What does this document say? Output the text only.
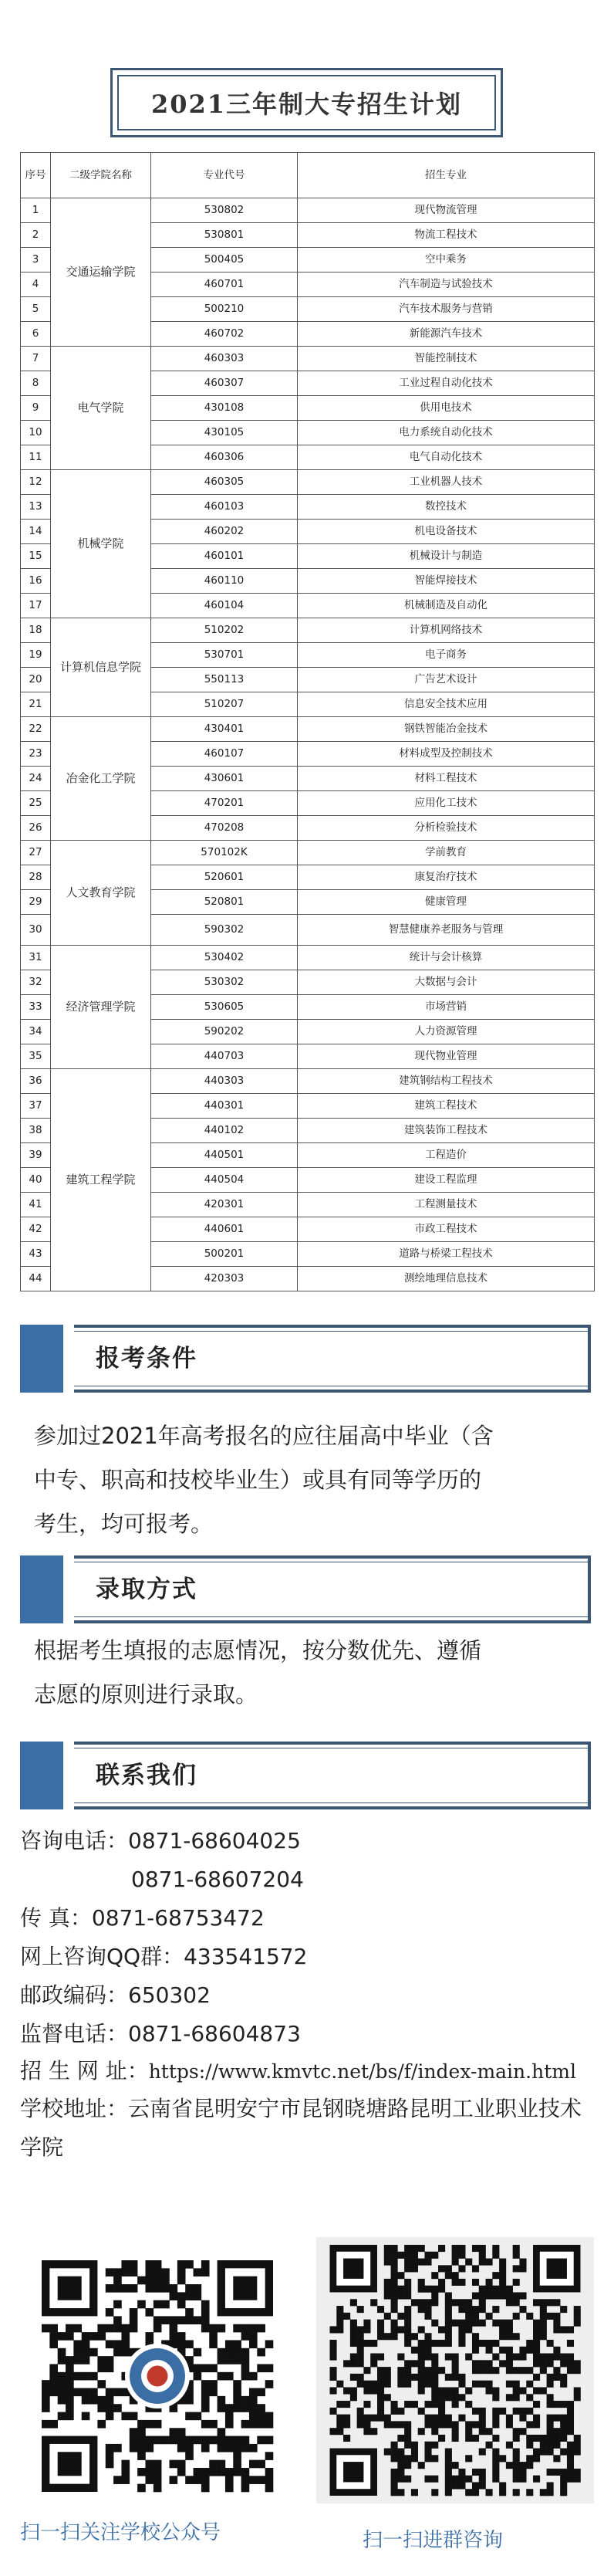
2021三年制大专招生计划
序号	二级学院名称	专业代号	招生专业
1	交通运输学院	530802	现代物流管理
2		530801	物流工程技术
3		500405	空中乘务
4		460701	汽车制造与试验技术
5		500210	汽车技术服务与营销
6		460702	新能源汽车技术
7	电气学院	460303	智能控制技术
8		460307	工业过程自动化技术
9		430108	供用电技术
10		430105	电力系统自动化技术
11		460306	电气自动化技术
12	机械学院	460305	工业机器人技术
13		460103	数控技术
14		460202	机电设备技术
15		460101	机械设计与制造
16		460110	智能焊接技术
17		460104	机械制造及自动化
18	计算机信息学院	510202	计算机网络技术
19		530701	电子商务
20		550113	广告艺术设计
21		510207	信息安全技术应用
22	冶金化工学院	430401	钢铁智能冶金技术
23		460107	材料成型及控制技术
24		430601	材料工程技术
25		470201	应用化工技术
26		470208	分析检验技术
27	人文教育学院	570102K	学前教育
28		520601	康复治疗技术
29		520801	健康管理
30		590302	智慧健康养老服务与管理
31	经济管理学院	530402	统计与会计核算
32		530302	大数据与会计
33		530605	市场营销
34		590202	人力资源管理
35		440703	现代物业管理
36	建筑工程学院	440303	建筑钢结构工程技术
37		440301	建筑工程技术
38		440102	建筑装饰工程技术
39		440501	工程造价
40		440504	建设工程监理
41		420301	工程测量技术
42		440601	市政工程技术
43		500201	道路与桥梁工程技术
44		420303	测绘地理信息技术
报考条件
参加过2021年高考报名的应往届高中毕业（含
中专、职高和技校毕业生）或具有同等学历的
考生，均可报考。
录取方式
根据考生填报的志愿情况，按分数优先、遵循
志愿的原则进行录取。
联系我们
咨询电话：0871-68604025
0871-68607204
传 真：0871-68753472
网上咨询QQ群：433541572
邮政编码：650302
监督电话：0871-68604873
招 生 网 址：https://www.kmvtc.net/bs/f/index-main.html
学校地址：云南省昆明安宁市昆钢晓塘路昆明工业职业技术学院
扫一扫关注学校公众号	扫一扫进群咨询
